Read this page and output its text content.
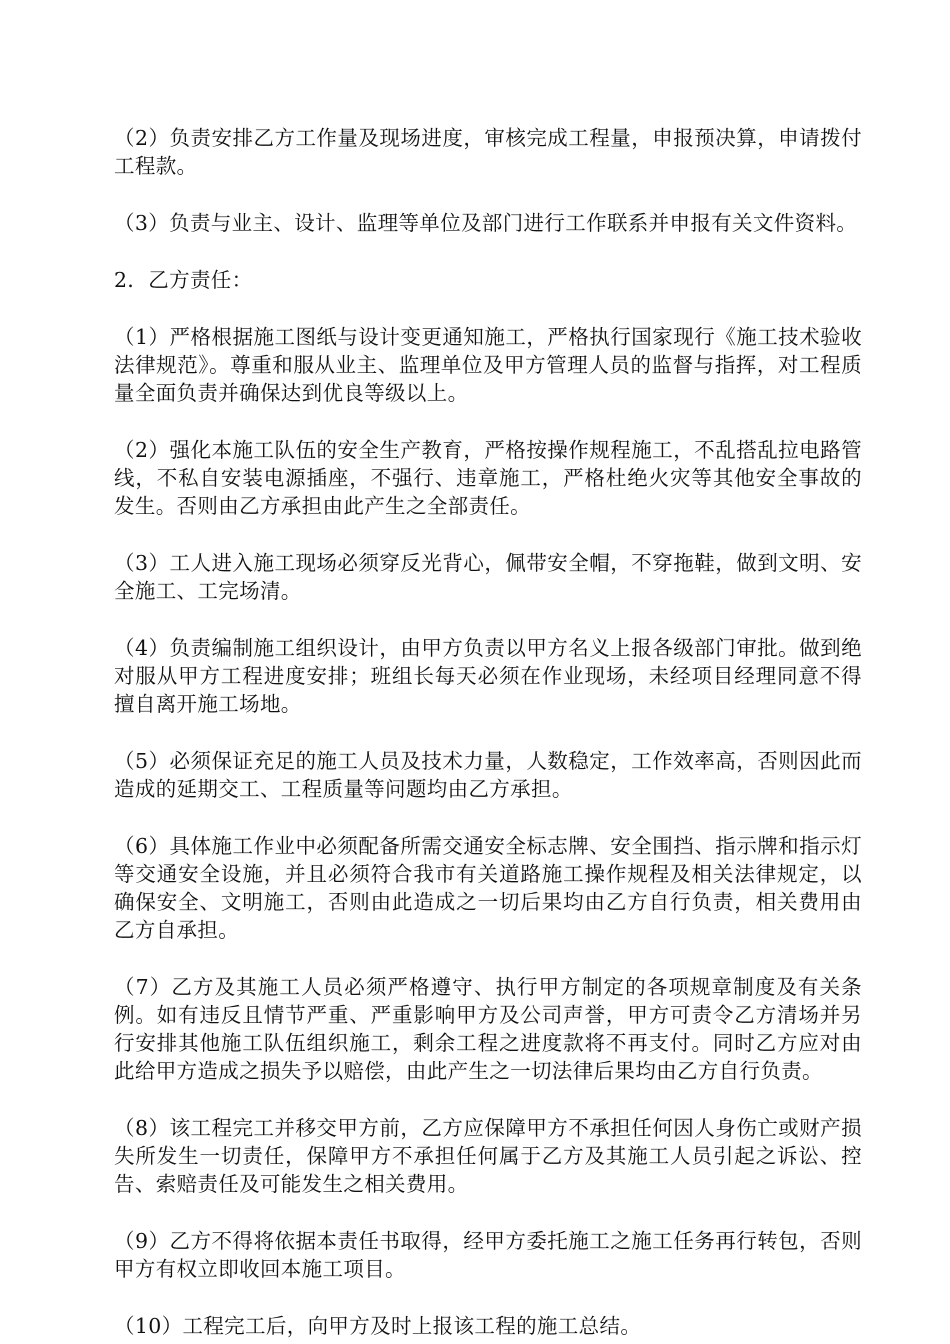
（2）负责安排乙方工作量及现场进度，审核完成工程量，申报预决算，申请拨付工程款。

（3）负责与业主、设计、监理等单位及部门进行工作联系并申报有关文件资料。

2．乙方责任：

（1）严格根据施工图纸与设计变更通知施工，严格执行国家现行《施工技术验收法律规范》。尊重和服从业主、监理单位及甲方管理人员的监督与指挥，对工程质量全面负责并确保达到优良等级以上。

（2）强化本施工队伍的安全生产教育，严格按操作规程施工，不乱搭乱拉电路管线，不私自安装电源插座，不强行、违章施工，严格杜绝火灾等其他安全事故的发生。否则由乙方承担由此产生之全部责任。

（3）工人进入施工现场必须穿反光背心，佩带安全帽，不穿拖鞋，做到文明、安全施工、工完场清。

（4）负责编制施工组织设计，由甲方负责以甲方名义上报各级部门审批。做到绝对服从甲方工程进度安排；班组长每天必须在作业现场，未经项目经理同意不得擅自离开施工场地。

（5）必须保证充足的施工人员及技术力量，人数稳定，工作效率高，否则因此而造成的延期交工、工程质量等问题均由乙方承担。

（6）具体施工作业中必须配备所需交通安全标志牌、安全围挡、指示牌和指示灯等交通安全设施，并且必须符合我市有关道路施工操作规程及相关法律规定，以确保安全、文明施工，否则由此造成之一切后果均由乙方自行负责，相关费用由乙方自承担。

（7）乙方及其施工人员必须严格遵守、执行甲方制定的各项规章制度及有关条例。如有违反且情节严重、严重影响甲方及公司声誉，甲方可责令乙方清场并另行安排其他施工队伍组织施工，剩余工程之进度款将不再支付。同时乙方应对由此给甲方造成之损失予以赔偿，由此产生之一切法律后果均由乙方自行负责。

（8）该工程完工并移交甲方前，乙方应保障甲方不承担任何因人身伤亡或财产损失所发生一切责任，保障甲方不承担任何属于乙方及其施工人员引起之诉讼、控告、索赔责任及可能发生之相关费用。

（9）乙方不得将依据本责任书取得，经甲方委托施工之施工任务再行转包，否则甲方有权立即收回本施工项目。

（10）工程完工后，向甲方及时上报该工程的施工总结。
